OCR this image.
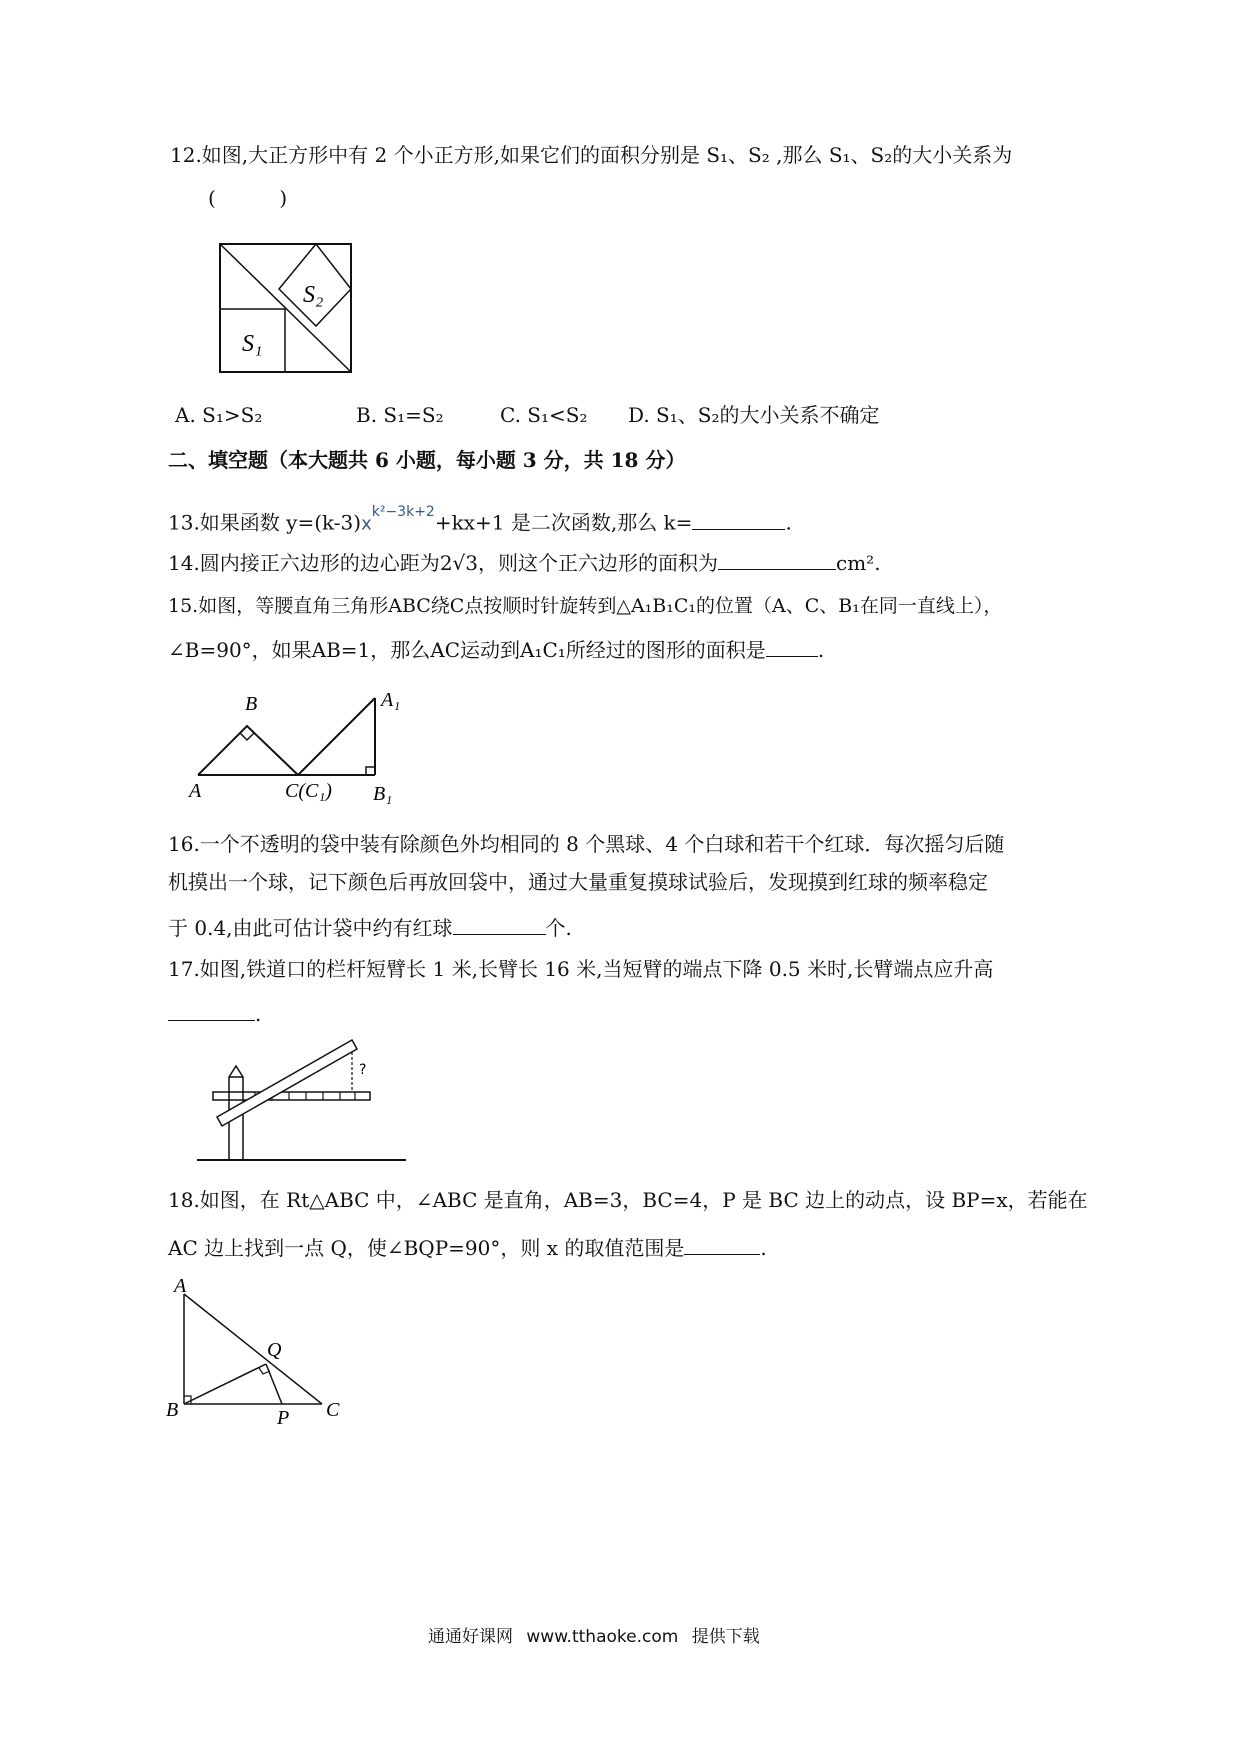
12.如图,大正方形中有 2 个小正方形,如果它们的面积分别是 S₁、S₂ ,那么 S₁、S₂的大小关系为
(          )
S₂
S₁
A. S₁>S₂	B. S₁=S₂	C. S₁<S₂ D. S₁、S₂的大小关系不确定
二、填空题（本大题共 6 小题，每小题 3 分，共 18 分）
13.如果函数 $y=(k-3)x^{k^2-3k+2}+kx+1$ 是二次函数,那么 k=	.
14.圆内接正六边形的边心距为2√3，则这个正六边形的面积为	cm².
15.如图，等腰直角三角形ABC绕C点按顺时针旋转到△A₁B₁C₁的位置（A、C、B₁在同一直线上），
∠B=90°，如果AB=1，那么AC运动到A₁C₁所经过的图形的面积是	.
B	A₁
A	C(C₁) B₁
16.一个不透明的袋中装有除颜色外均相同的 8 个黑球、4 个白球和若干个红球．每次摇匀后随
机摸出一个球，记下颜色后再放回袋中，通过大量重复摸球试验后，发现摸到红球的频率稳定
于 0.4,由此可估计袋中约有红球	个.
17.如图,铁道口的栏杆短臂长 1 米,长臂长 16 米,当短臂的端点下降 0.5 米时,长臂端点应升高
.
?
18.如图，在 Rt△ABC 中，∠ABC 是直角，AB=3，BC=4，P 是 BC 边上的动点，设 BP=x，若能在
AC 边上找到一点 Q，使∠BQP=90°，则 x 的取值范围是	.
A
Q
B	P C
通通好课网 www.tthaoke.com 提供下载
